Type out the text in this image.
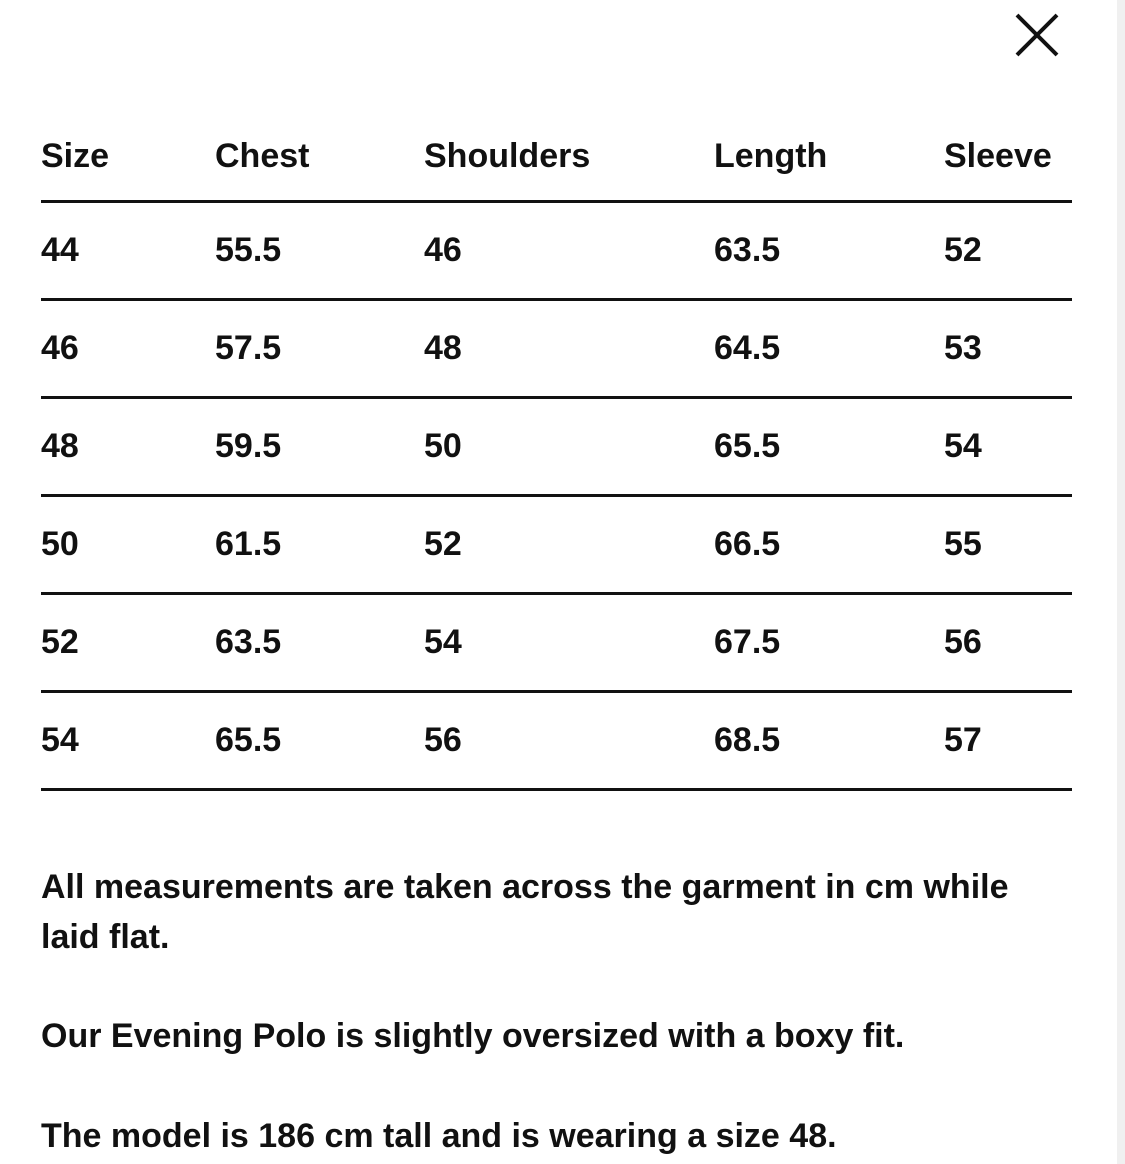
Size	Chest	Shoulders	Length	Sleeve
44	55.5	46	63.5	52
46	57.5	48	64.5	53
48	59.5	50	65.5	54
50	61.5	52	66.5	55
52	63.5	54	67.5	56
54	65.5	56	68.5	57

All measurements are taken across the garment in cm while laid flat.

Our Evening Polo is slightly oversized with a boxy fit.

The model is 186 cm tall and is wearing a size 48.
